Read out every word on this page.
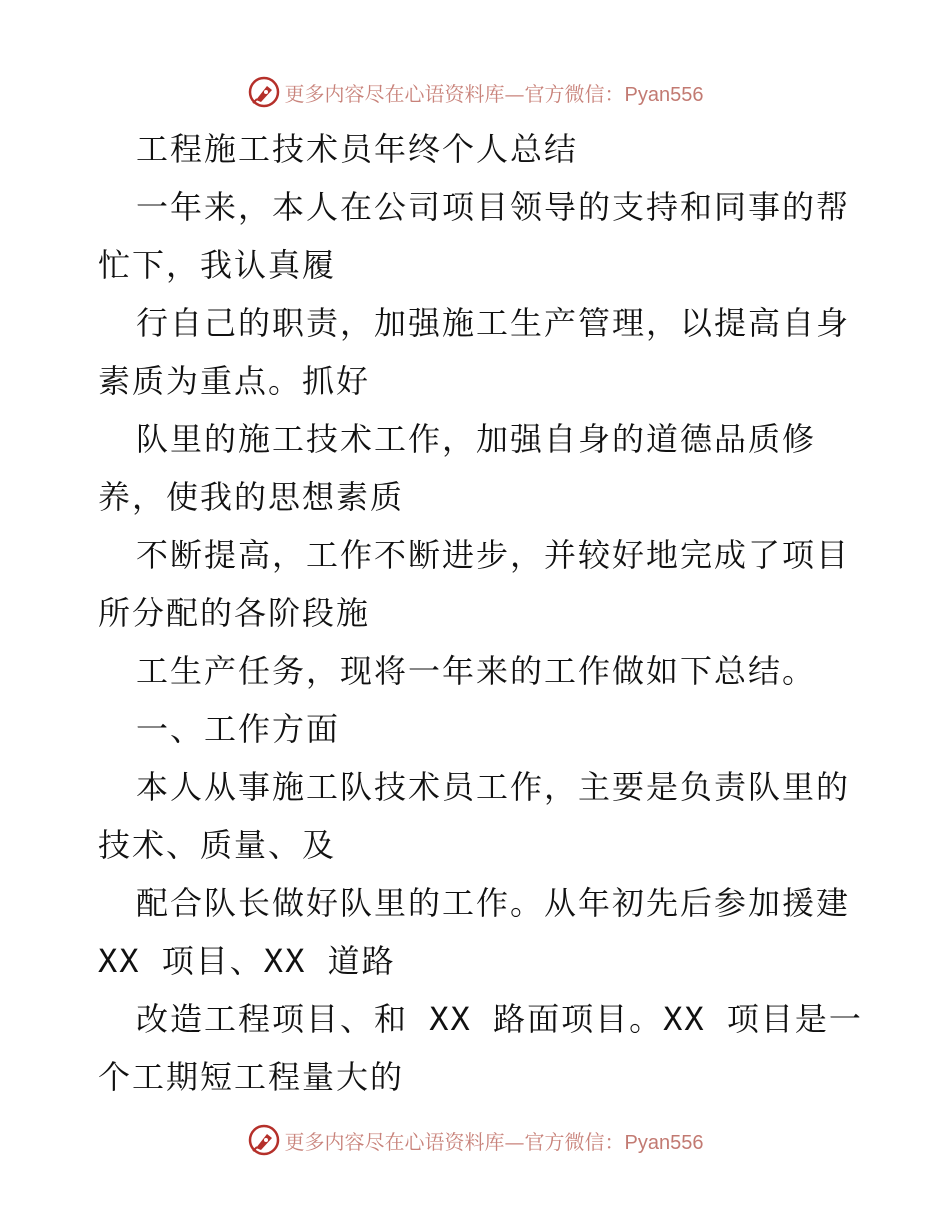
更多内容尽在心语资料库—官方微信：Pyan556
工程施工技术员年终个人总结
一年来，本人在公司项目领导的支持和同事的帮
忙下，我认真履
行自己的职责，加强施工生产管理，以提高自身
素质为重点。抓好
队里的施工技术工作，加强自身的道德品质修
养，使我的思想素质
不断提高，工作不断进步，并较好地完成了项目
所分配的各阶段施
工生产任务，现将一年来的工作做如下总结。
一、工作方面
本人从事施工队技术员工作，主要是负责队里的
技术、质量、及
配合队长做好队里的工作。从年初先后参加援建
XX 项目、XX 道路
改造工程项目、和 XX 路面项目。XX 项目是一
个工期短工程量大的
更多内容尽在心语资料库—官方微信：Pyan556
